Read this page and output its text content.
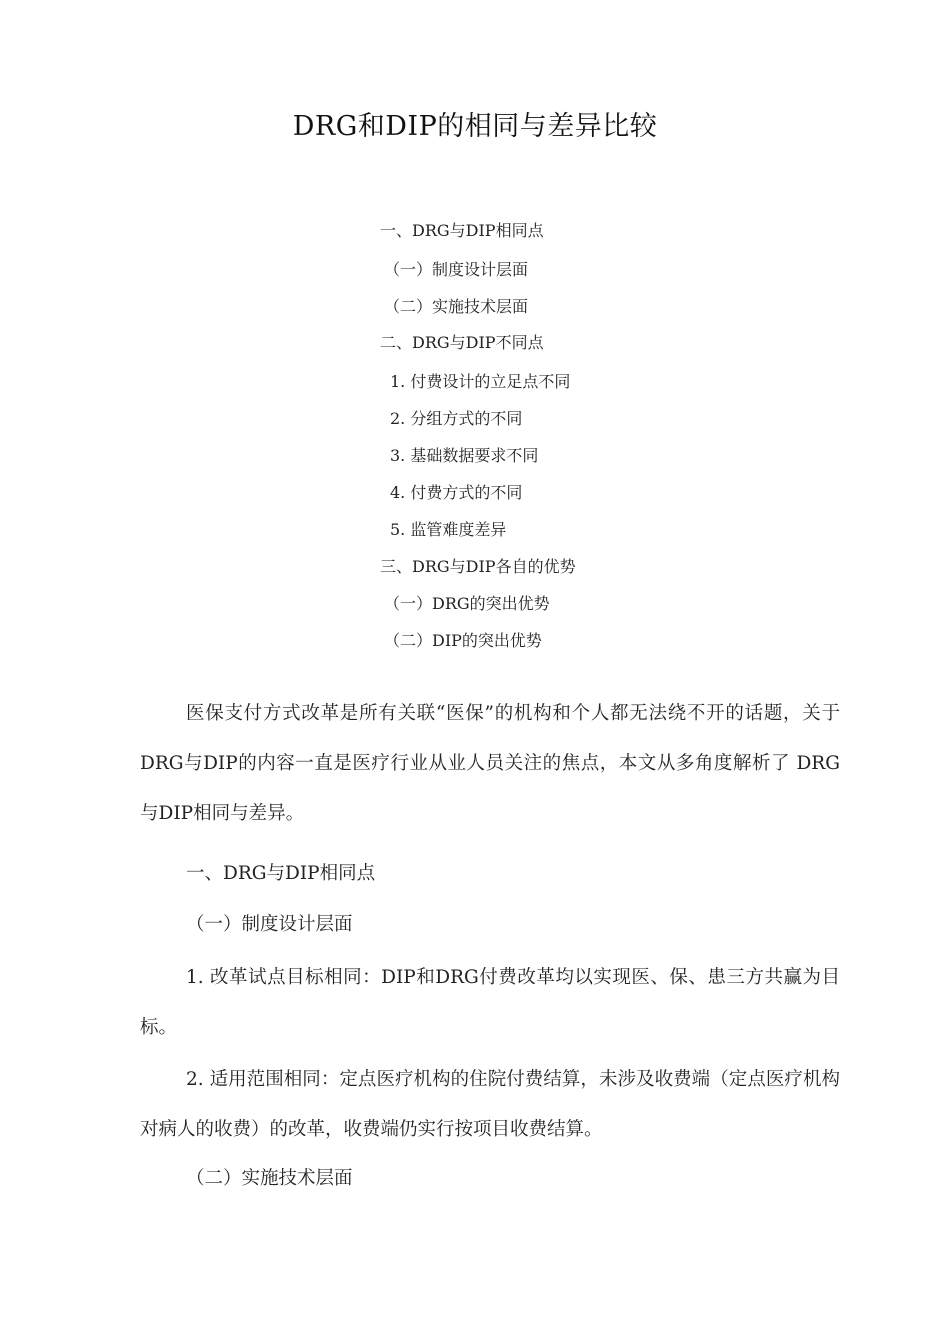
DRG和DIP的相同与差异比较
一、DRG与DIP相同点
（一）制度设计层面
（二）实施技术层面
二、DRG与DIP不同点
1. 付费设计的立足点不同
2. 分组方式的不同
3. 基础数据要求不同
4. 付费方式的不同
5. 监管难度差异
三、DRG与DIP各自的优势
（一）DRG的突出优势
（二）DIP的突出优势

医保支付方式改革是所有关联“医保”的机构和个人都无法绕不开的话题，关于DRG与DIP的内容一直是医疗行业从业人员关注的焦点，本文从多角度解析了 DRG与DIP相同与差异。

一、DRG与DIP相同点
（一）制度设计层面

1. 改革试点目标相同：DIP和DRG付费改革均以实现医、保、患三方共赢为目标。

2. 适用范围相同：定点医疗机构的住院付费结算，未涉及收费端（定点医疗机构对病人的收费）的改革，收费端仍实行按项目收费结算。

（二）实施技术层面
